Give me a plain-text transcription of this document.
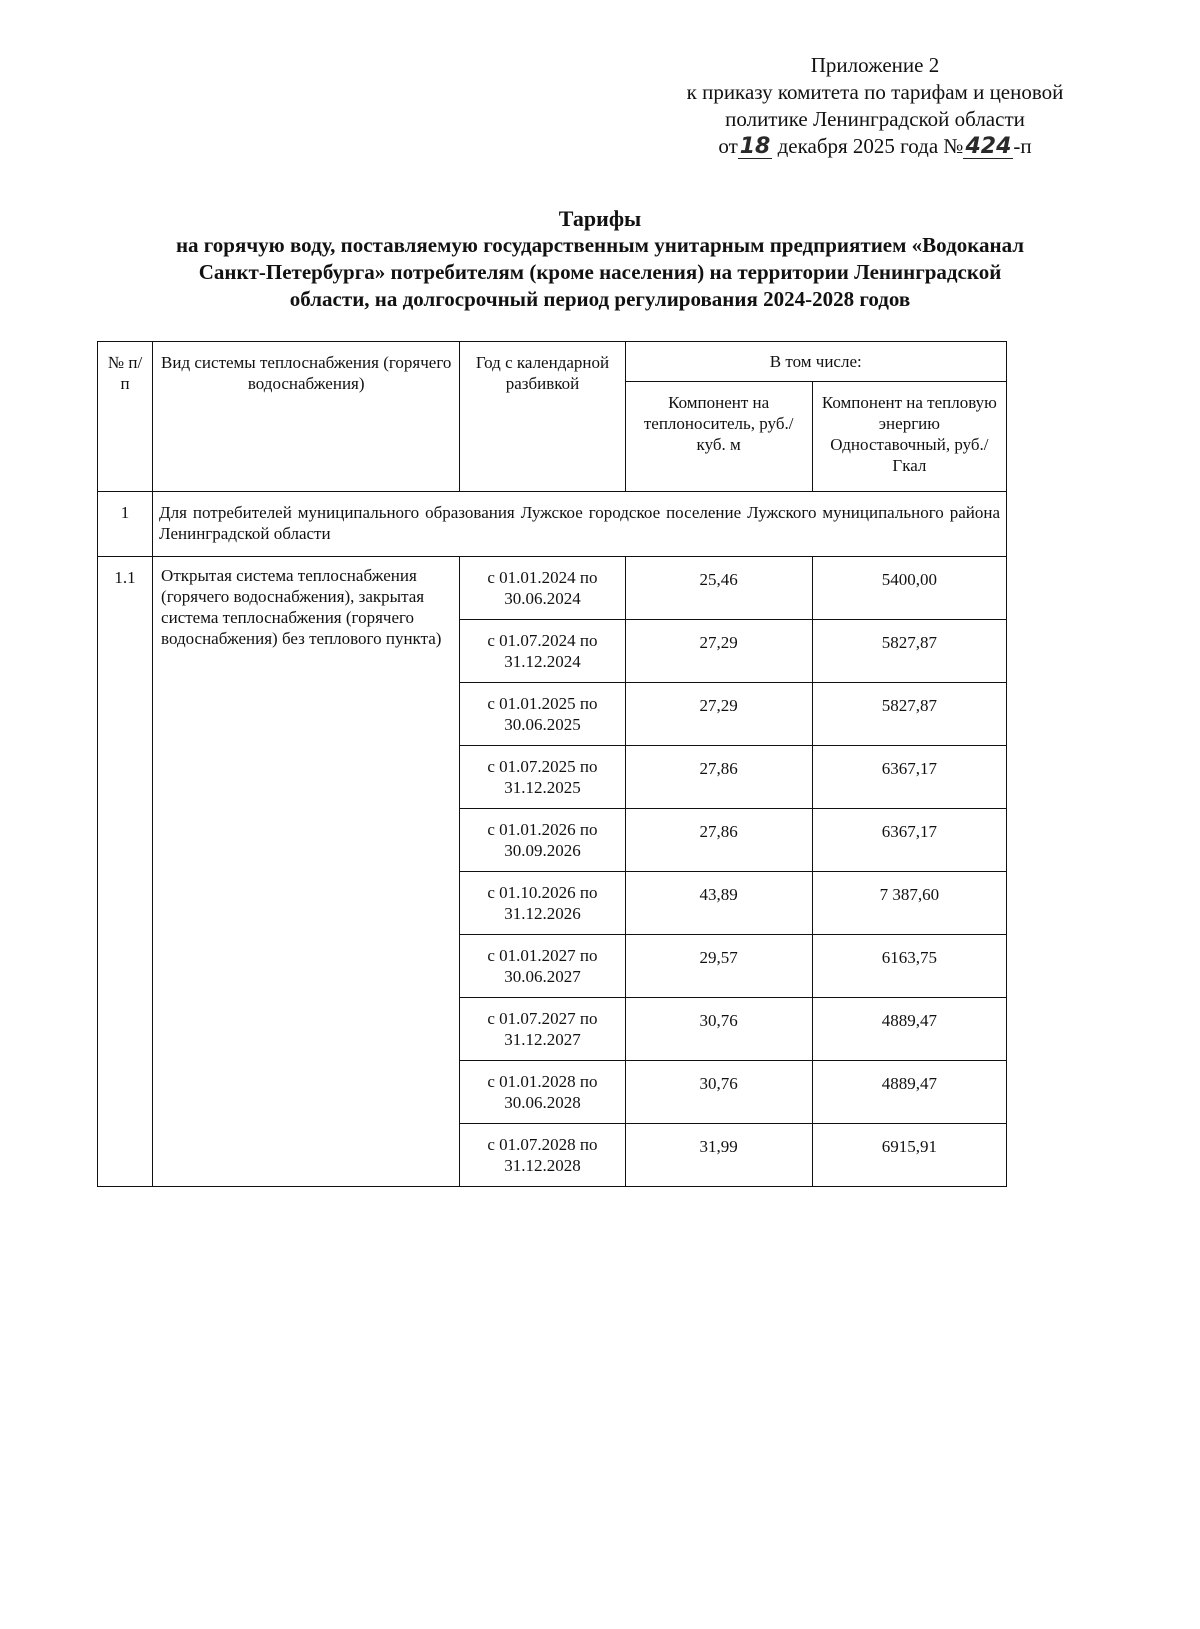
Приложение 2
к приказу комитета по тарифам и ценовой
политике Ленинградской области
от18 декабря 2025 года №424-п
Тарифы
на горячую воду, поставляемую государственным унитарным предприятием «Водоканал
Санкт-Петербурга» потребителям (кроме населения) на территории Ленинградской
области, на долгосрочный период регулирования 2024-2028 годов
№ п/п	Вид системы теплоснабжения (горячего водоснабжения)	Год с календарной разбивкой	В том числе:	

			Компонент на теплоноситель, руб./куб. м	Компонент на тепловую энергию Одноставочный, руб./Гкал

1	Для потребителей муниципального образования Лужское городское поселение Лужского муниципального района Ленинградской области			

1.1	Открытая система теплоснабжения (горячего водоснабжения), закрытая система теплоснабжения (горячего водоснабжения) без теплового пункта)	с 01.01.2024 по 30.06.2024	25,46	5400,00

		с 01.07.2024 по 31.12.2024	27,29	5827,87

		с 01.01.2025 по 30.06.2025	27,29	5827,87

		с 01.07.2025 по 31.12.2025	27,86	6367,17

		с 01.01.2026 по 30.09.2026	27,86	6367,17

		с 01.10.2026 по 31.12.2026	43,89	7 387,60

		с 01.01.2027 по 30.06.2027	29,57	6163,75

		с 01.07.2027 по 31.12.2027	30,76	4889,47

		с 01.01.2028 по 30.06.2028	30,76	4889,47

		с 01.07.2028 по 31.12.2028	31,99	6915,91
